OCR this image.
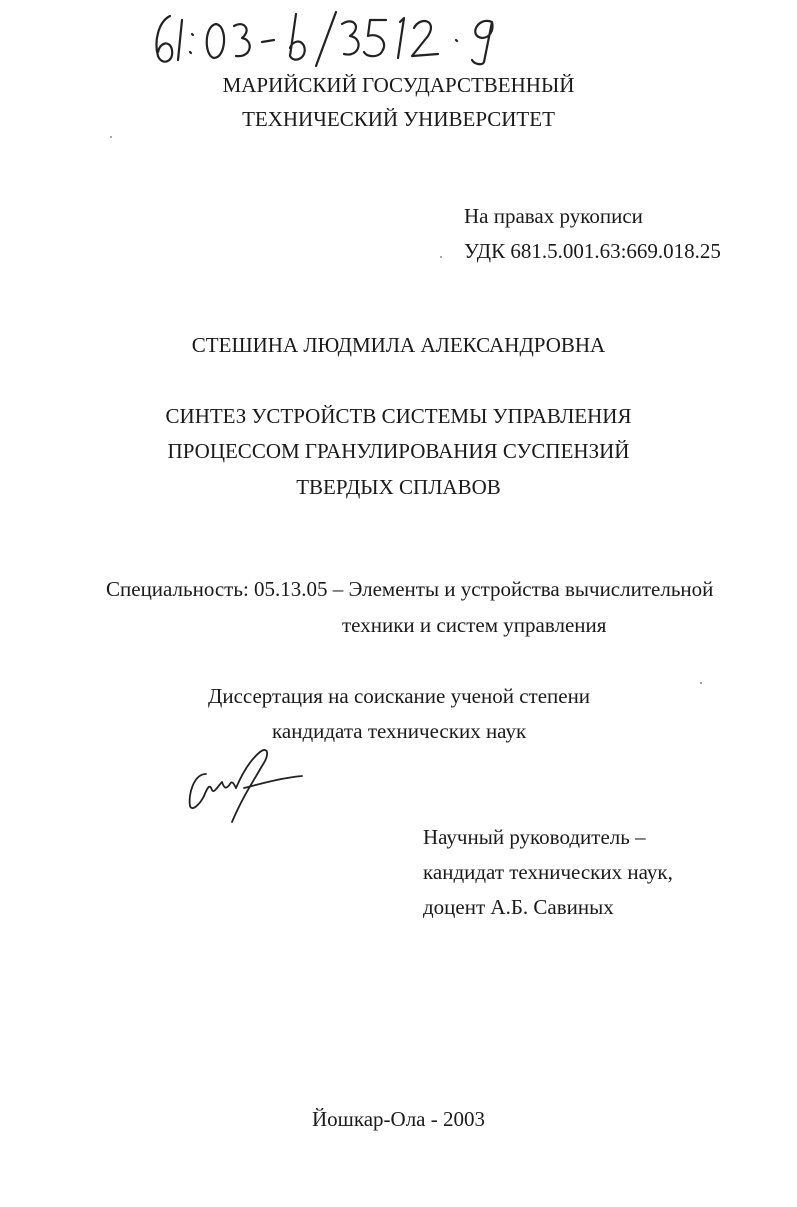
МАРИЙСКИЙ ГОСУДАРСТВЕННЫЙ
ТЕХНИЧЕСКИЙ УНИВЕРСИТЕТ
На правах рукописи
УДК 681.5.001.63:669.018.25
СТЕШИНА ЛЮДМИЛА АЛЕКСАНДРОВНА
СИНТЕЗ УСТРОЙСТВ СИСТЕМЫ УПРАВЛЕНИЯ
ПРОЦЕССОМ ГРАНУЛИРОВАНИЯ СУСПЕНЗИЙ
ТВЕРДЫХ СПЛАВОВ
Специальность: 05.13.05 – Элементы и устройства вычислительной
техники и систем управления
Диссертация на соискание ученой степени
кандидата технических наук
Научный руководитель –
кандидат технических наук,
доцент А.Б. Савиных
Йошкар-Ола - 2003
